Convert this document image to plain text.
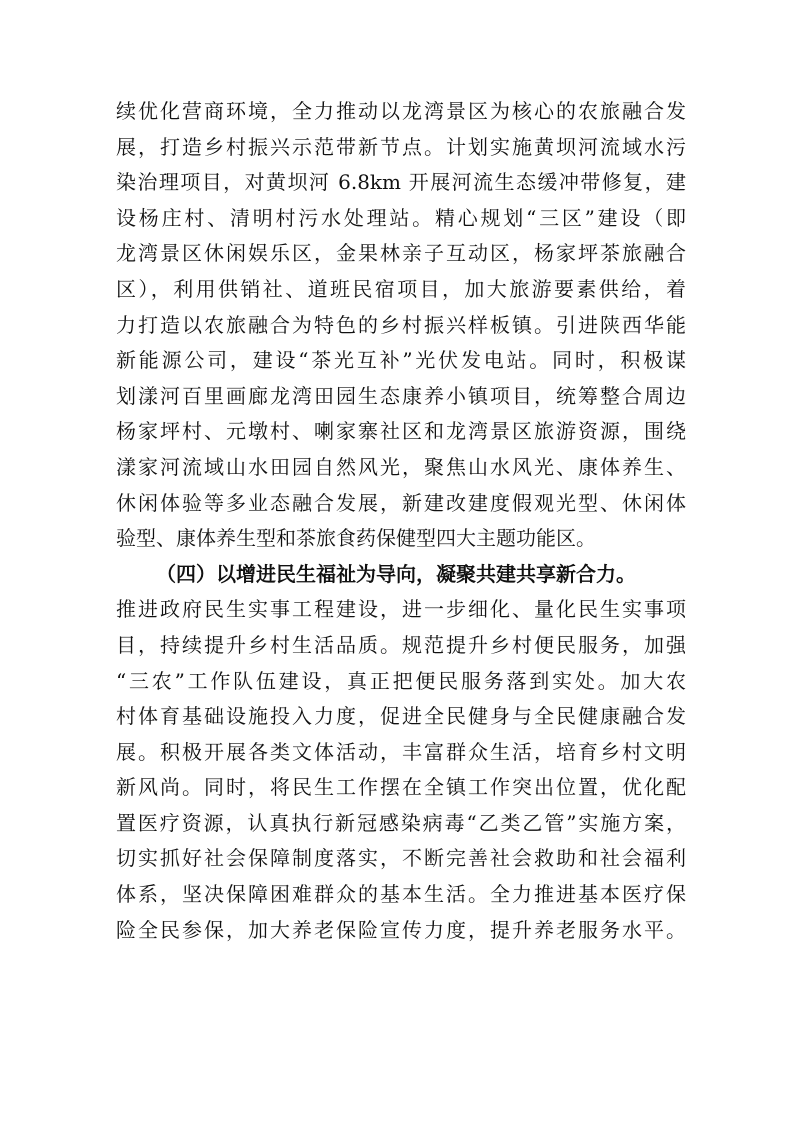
续优化营商环境，全力推动以龙湾景区为核心的农旅融合发
展，打造乡村振兴示范带新节点。计划实施黄坝河流域水污
染治理项目，对黄坝河 6.8km 开展河流生态缓冲带修复，建
设杨庄村、清明村污水处理站。精心规划“三区”建设（即
龙湾景区休闲娱乐区，金果林亲子互动区，杨家坪茶旅融合
区），利用供销社、道班民宿项目，加大旅游要素供给，着
力打造以农旅融合为特色的乡村振兴样板镇。引进陕西华能
新能源公司，建设“茶光互补”光伏发电站。同时，积极谋
划漾河百里画廊龙湾田园生态康养小镇项目，统筹整合周边
杨家坪村、元墩村、喇家寨社区和龙湾景区旅游资源，围绕
漾家河流域山水田园自然风光，聚焦山水风光、康体养生、
休闲体验等多业态融合发展，新建改建度假观光型、休闲体
验型、康体养生型和茶旅食药保健型四大主题功能区。
（四）以增进民生福祉为导向，凝聚共建共享新合力。
推进政府民生实事工程建设，进一步细化、量化民生实事项
目，持续提升乡村生活品质。规范提升乡村便民服务，加强
“三农”工作队伍建设，真正把便民服务落到实处。加大农
村体育基础设施投入力度，促进全民健身与全民健康融合发
展。积极开展各类文体活动，丰富群众生活，培育乡村文明
新风尚。同时，将民生工作摆在全镇工作突出位置，优化配
置医疗资源，认真执行新冠感染病毒“乙类乙管”实施方案，
切实抓好社会保障制度落实，不断完善社会救助和社会福利
体系，坚决保障困难群众的基本生活。全力推进基本医疗保
险全民参保，加大养老保险宣传力度，提升养老服务水平。
